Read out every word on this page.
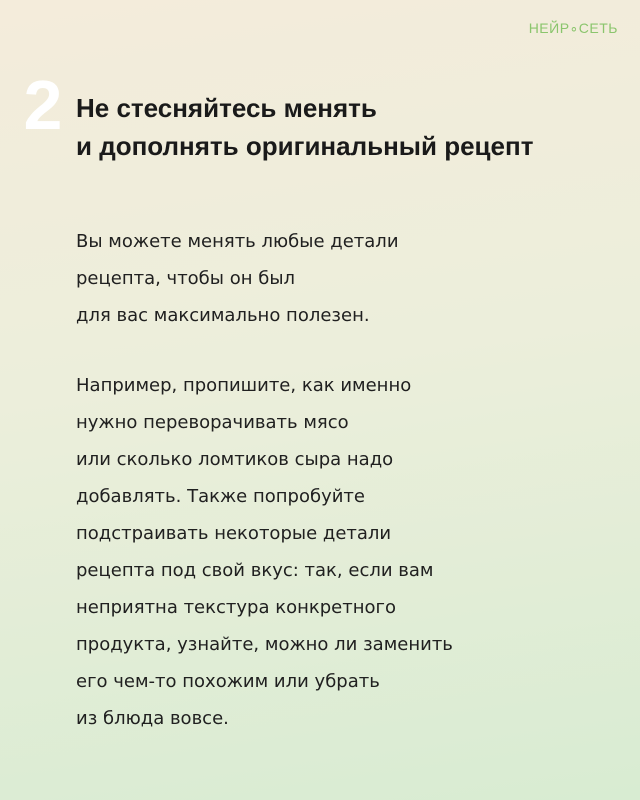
НЕЙР∘СЕТЬ
2 Не стесняйтесь менять
и дополнять оригинальный рецепт
Вы можете менять любые детали
рецепта, чтобы он был
для вас максимально полезен.
Например, пропишите, как именно
нужно переворачивать мясо
или сколько ломтиков сыра надо
добавлять. Также попробуйте
подстраивать некоторые детали
рецепта под свой вкус: так, если вам
неприятна текстура конкретного
продукта, узнайте, можно ли заменить
его чем-то похожим или убрать
из блюда вовсе.
